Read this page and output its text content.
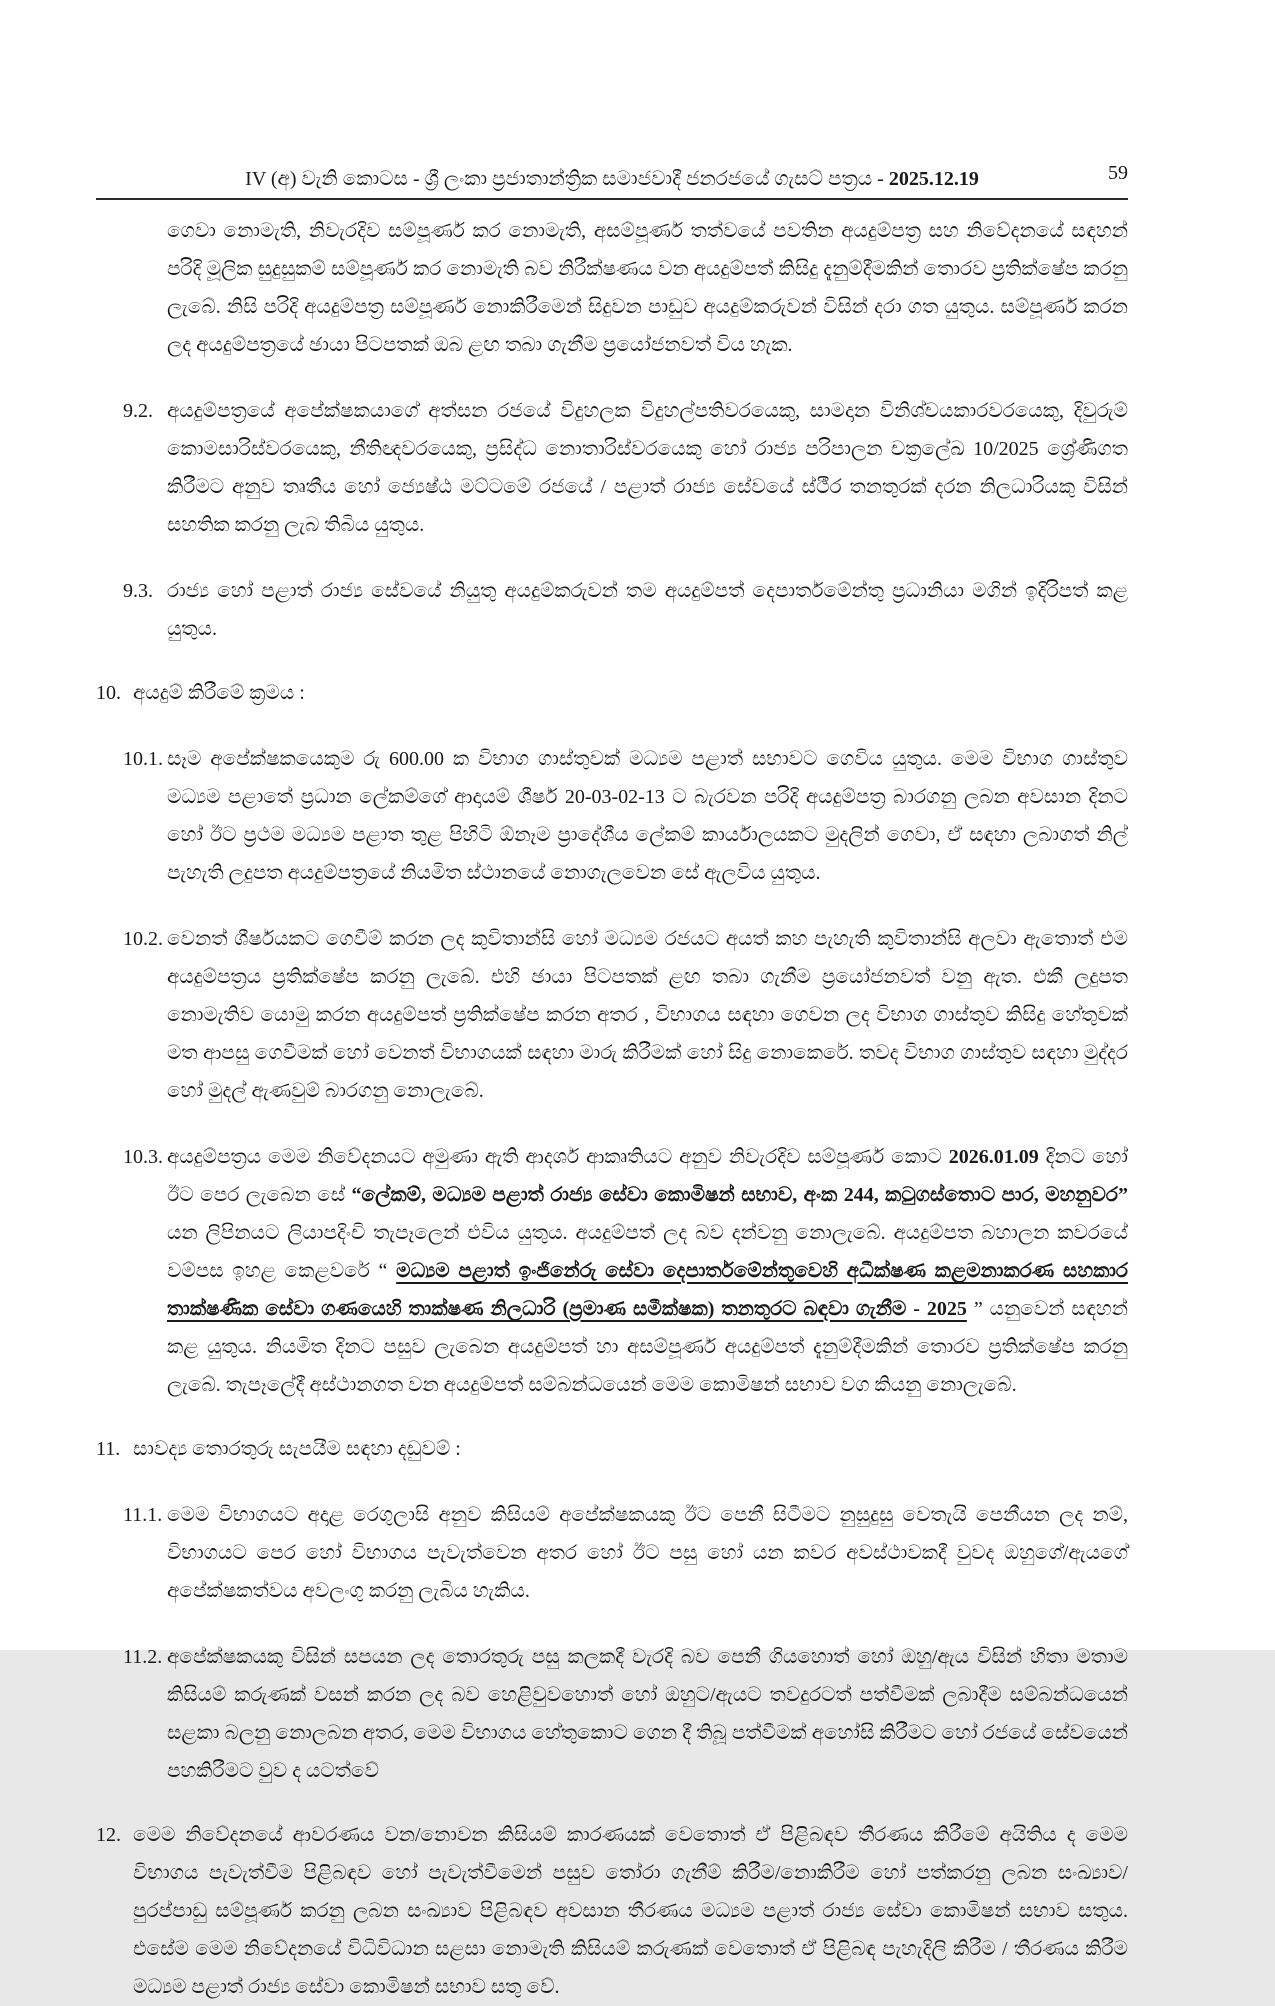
IV (අ) වැනි කොටස - ශ්‍රී ලංකා ප්‍රජාතාන්ත්‍රික සමාජවාදී ජනරජයේ ගැසට් පත්‍රය - 2025.12.19	59

ගෙවා නොමැති, නිවැරදිව සම්පූර්ණ කර නොමැති, අසම්පූර්ණ තත්වයේ පවතින අයදුම්පත්‍ර සහ නිවේදනයේ සඳහන් පරිදි මූලික සුදුසුකම් සම්පූර්ණ කර නොමැති බව නිරීක්ෂණය වන අයදුම්පත් කිසිදු දැනුම්දීමකින් තොරව ප්‍රතික්ෂේප කරනු ලැබේ. නිසි පරිදි අයදුම්පත්‍ර සම්පූර්ණ නොකිරීමෙන් සිදුවන පාඩුව අයදුම්කරුවන් විසින් දරා ගත යුතුය. සම්පූර්ණ කරන ලද අයදුම්පත්‍රයේ ඡායා පිටපතක් ඔබ ළඟ තබා ගැනීම ප්‍රයෝජනවත් විය හැක.

9.2. අයදුම්පත්‍රයේ අපේක්ෂකයාගේ අත්සන රජයේ විදුහලක විදුහල්පතිවරයෙකු, සාමදාන විනිශ්චයකාරවරයෙකු, දිවුරුම් කොමසාරිස්වරයෙකු, නීතිඥවරයෙකු, ප්‍රසිද්ධ නොතාරිස්වරයෙකු හෝ රාජ්‍ය පරිපාලන චක්‍රලේඛ 10/2025 ශ්‍රේණිගත කිරීමට අනුව තෘතීය හෝ ජ්‍යෙෂ්ඨ මට්ටමේ රජයේ / පළාත් රාජ්‍ය සේවයේ ස්ථීර තනතුරක් දරන නිලධාරියකු විසින් සහතික කරනු ලැබ තිබිය යුතුය.

9.3. රාජ්‍ය හෝ පළාත් රාජ්‍ය සේවයේ නියුතු අයදුම්කරුවන් තම අයදුම්පත් දෙපාර්තමේන්තු ප්‍රධානියා මගින් ඉදිරිපත් කළ යුතුය.

10. අයදුම් කිරීමේ ක්‍රමය :

10.1. සෑම අපේක්ෂකයෙකුම රු 600.00 ක විභාග ගාස්තුවක් මධ්‍යම පළාත් සභාවට ගෙවිය යුතුය. මෙම විභාග ගාස්තුව මධ්‍යම පළාතේ ප්‍රධාන ලේකම්ගේ ආදායම් ශීර්ෂ 20-03-02-13 ට බැරවන පරිදි අයදුම්පත්‍ර බාරගනු ලබන අවසාන දිනට හෝ ඊට ප්‍රථම මධ්‍යම පළාත තුළ පිහිටි ඕනෑම ප්‍රාදේශීය ලේකම් කාර්යාලයකට මුදලින් ගෙවා, ඒ සඳහා ලබාගත් නිල් පැහැති ලදුපත අයදුම්පත්‍රයේ නියමිත ස්ථානයේ නොගැලවෙන සේ ඇලවිය යුතුය.

10.2. වෙනත් ශීර්ෂයකට ගෙවීම් කරන ලද කුවිතාන්සි හෝ මධ්‍යම රජයට අයත් කහ පැහැති කුවිතාන්සි අලවා ඇතොත් එම අයදුම්පත්‍රය ප්‍රතික්ෂේප කරනු ලැබේ. එහි ඡායා පිටපතක් ළඟ තබා ගැනීම ප්‍රයෝජනවත් වනු ඇත. එකී ලදුපත නොමැතිව යොමු කරන අයදුම්පත් ප්‍රතික්ෂේප කරන අතර , විභාගය සඳහා ගෙවන ලද විභාග ගාස්තුව කිසිදු හේතුවක් මත ආපසු ගෙවීමක් හෝ වෙනත් විභාගයක් සඳහා මාරු කිරීමක් හෝ සිදු නොකෙරේ. තවද විභාග ගාස්තුව සඳහා මුද්දර හෝ මුදල් ඇණවුම් බාරගනු නොලැබේ.

10.3. අයදුම්පත්‍රය මෙම නිවේදනයට අමුණා ඇති ආදර්ශ ආකෘතියට අනුව නිවැරදිව සම්පූර්ණ කොට 2026.01.09 දිනට හෝ ඊට පෙර ලැබෙන සේ “ලේකම්, මධ්‍යම පළාත් රාජ්‍ය සේවා කොමිෂන් සභාව, අංක 244, කටුගස්තොට පාර, මහනුවර” යන ලිපිනයට ලියාපදිංචි තැපෑලෙන් එවිය යුතුය. අයදුම්පත් ලද බව දන්වනු නොලැබේ. අයදුම්පත බහාලන කවරයේ වම්පස ඉහළ කෙළවරේ “ මධ්‍යම පළාත් ඉංජිනේරු සේවා දෙපාර්තමේන්තුවෙහි අධීක්ෂණ කළමනාකරණ සහකාර තාක්ෂණික සේවා ගණයෙහි තාක්ෂණ නිලධාරි (ප්‍රමාණ සමීක්ෂක) තනතුරට බඳවා ගැනීම - 2025 ” යනුවෙන් සඳහන් කළ යුතුය. නියමිත දිනට පසුව ලැබෙන අයදුම්පත් හා අසම්පූර්ණ අයදුම්පත් දැනුම්දීමකින් තොරව ප්‍රතික්ෂේප කරනු ලැබේ. තැපෑලේදී අස්ථානගත වන අයදුම්පත් සම්බන්ධයෙන් මෙම කොමිෂන් සභාව වග කියනු නොලැබේ.

11. සාවද්‍ය තොරතුරු සැපයීම සඳහා දඩුවම් :

11.1. මෙම විභාගයට අදාළ රෙගුලාසි අනුව කිසියම් අපේක්ෂකයකු ඊට පෙනී සිටීමට නුසුදුසු වෙතැයි පෙනීයන ලද නම්, විභාගයට පෙර හෝ විභාගය පැවැත්වෙන අතර හෝ ඊට පසු හෝ යන කවර අවස්ථාවකදී වුවද ඔහුගේ/ඇයගේ අපේක්ෂකත්වය අවලංගු කරනු ලැබිය හැකිය.

11.2. අපේක්ෂකයකු විසින් සපයන ලද තොරතුරු පසු කලකදී වැරදි බව පෙනී ගියහොත් හෝ ඔහු/ඇය විසින් හිතා මතාම කිසියම් කරුණක් වසන් කරන ලද බව හෙළිවුවහොත් හෝ ඔහුට/ඇයට තවදුරටත් පත්වීමක් ලබාදීම සම්බන්ධයෙන් සළකා බලනු නොලබන අතර, මෙම විභාගය හේතුකොට ගෙන දී තිබූ පත්වීමක් අහෝසි කිරීමට හෝ රජයේ සේවයෙන් පහකිරීමට වුව ද යටත්වේ

12. මෙම නිවේදනයේ ආවරණය වන/නොවන කිසියම් කාරණයක් වෙතොත් ඒ පිළිබඳව තීරණය කිරීමේ අයිතිය ද මෙම විභාගය පැවැත්වීම පිළිබඳව හෝ පැවැත්වීමෙන් පසුව තෝරා ගැනීම් කිරීම/නොකිරීම හෝ පත්කරනු ලබන සංඛ්‍යාව/ පුරප්පාඩු සම්පූර්ණ කරනු ලබන සංඛ්‍යාව පිළිබඳව අවසාන තීරණය මධ්‍යම පළාත් රාජ්‍ය සේවා කොමිෂන් සභාව සතුය. එසේම මෙම නිවේදනයේ විධිවිධාන සළසා නොමැති කිසියම් කරුණක් වෙතොත් ඒ පිළිබඳ පැහැදිලි කිරීම / තීරණය කිරීම මධ්‍යම පළාත් රාජ්‍ය සේවා කොමිෂන් සභාව සතු වේ.
